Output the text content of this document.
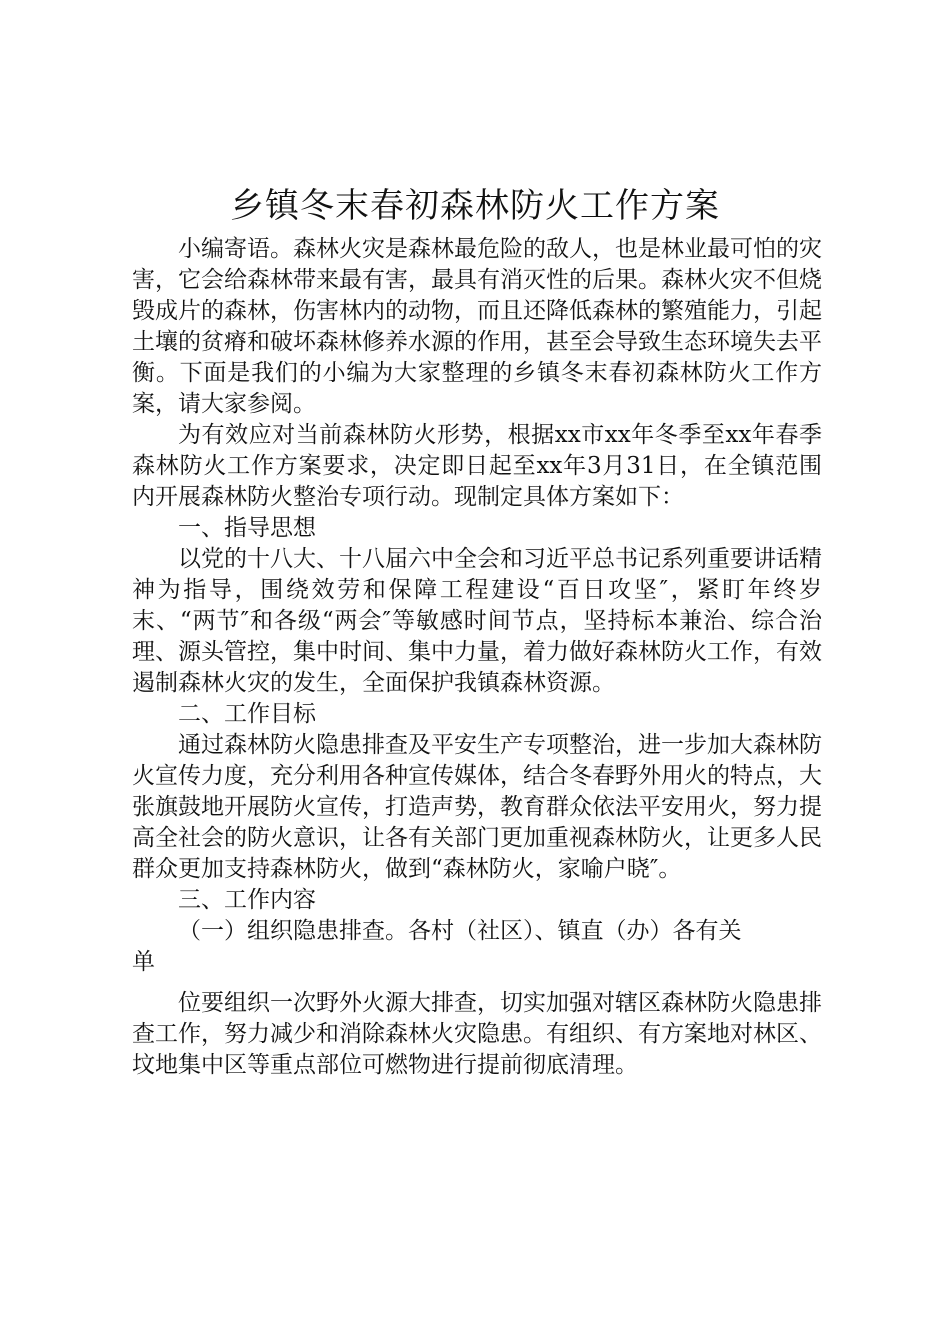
乡镇冬末春初森林防火工作方案

小编寄语。森林火灾是森林最危险的敌人，也是林业最可怕的灾害，它会给森林带来最有害，最具有消灭性的后果。森林火灾不但烧毁成片的森林，伤害林内的动物，而且还降低森林的繁殖能力，引起土壤的贫瘠和破坏森林修养水源的作用，甚至会导致生态环境失去平衡。下面是我们的小编为大家整理的乡镇冬末春初森林防火工作方案，请大家参阅。

为有效应对当前森林防火形势，根据xx市xx年冬季至xx年春季森林防火工作方案要求，决定即日起至xx年3月31日，在全镇范围内开展森林防火整治专项行动。现制定具体方案如下：

一、指导思想

以党的十八大、十八届六中全会和习近平总书记系列重要讲话精神为指导，围绕效劳和保障工程建设“百日攻坚″，紧盯年终岁末、“两节″和各级“两会″等敏感时间节点，坚持标本兼治、综合治理、源头管控，集中时间、集中力量，着力做好森林防火工作，有效遏制森林火灾的发生，全面保护我镇森林资源。

二、工作目标

通过森林防火隐患排查及平安生产专项整治，进一步加大森林防火宣传力度，充分利用各种宣传媒体，结合冬春野外用火的特点，大张旗鼓地开展防火宣传，打造声势，教育群众依法平安用火，努力提高全社会的防火意识，让各有关部门更加重视森林防火，让更多人民群众更加支持森林防火，做到“森林防火，家喻户晓″。

三、工作内容

（一）组织隐患排查。各村（社区）、镇直（办）各有关

单

位要组织一次野外火源大排查，切实加强对辖区森林防火隐患排查工作，努力减少和消除森林火灾隐患。有组织、有方案地对林区、坟地集中区等重点部位可燃物进行提前彻底清理。
